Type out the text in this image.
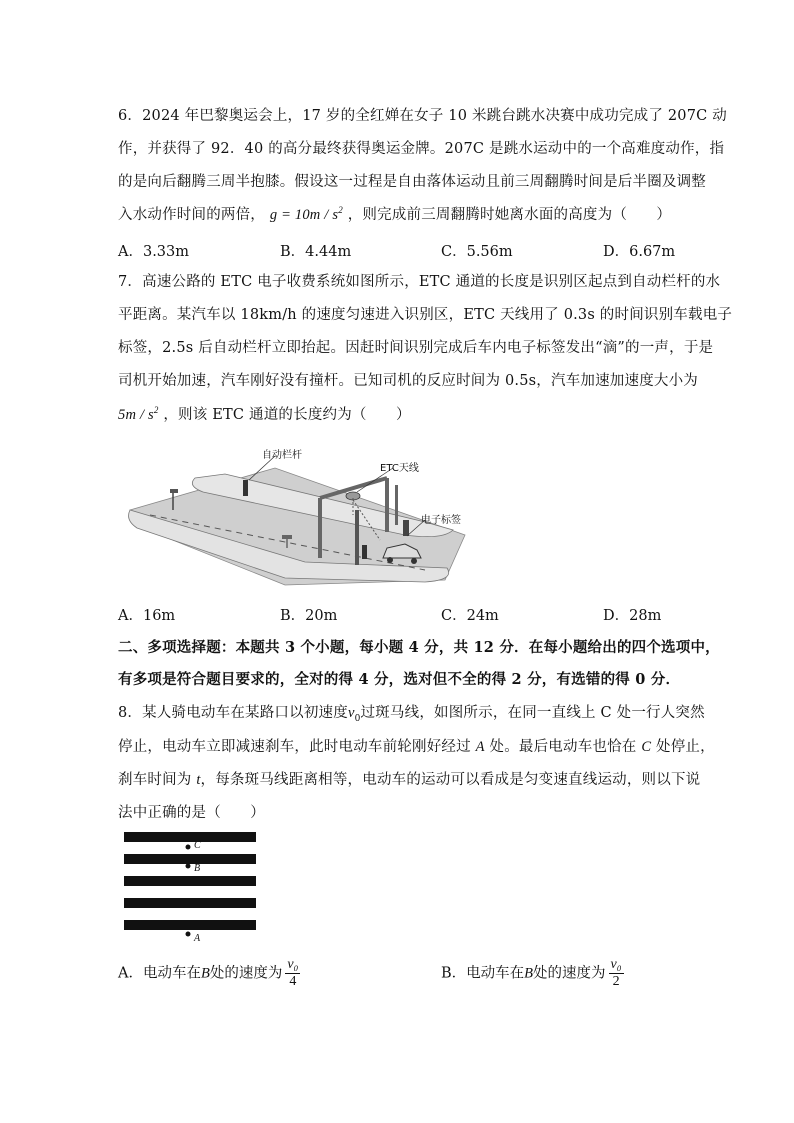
6．2024 年巴黎奥运会上，17 岁的全红婵在女子 10 米跳台跳水决赛中成功完成了 207C 动
作，并获得了 92．40 的高分最终获得奥运金牌。207C 是跳水运动中的一个高难度动作，指
的是向后翻腾三周半抱膝。假设这一过程是自由落体运动且前三周翻腾时间是后半圈及调整
入水动作时间的两倍， $g = 10m / s^2$ ，则完成前三周翻腾时她离水面的高度为（　　）
A．3.33m	B．4.44m	C．5.56m	D．6.67m
7．高速公路的 ETC 电子收费系统如图所示，ETC 通道的长度是识别区起点到自动栏杆的水
平距离。某汽车以 18km/h 的速度匀速进入识别区，ETC 天线用了 0.3s 的时间识别车载电子
标签，2.5s 后自动栏杆立即抬起。因赶时间识别完成后车内电子标签发出“滴”的一声，于是
司机开始加速，汽车刚好没有撞杆。已知司机的反应时间为 0.5s，汽车加速加速度大小为
$5m / s^2$ ，则该 ETC 通道的长度约为（　　）
自动栏杆
ETC天线
电子标签
A．16m	B．20m	C．24m	D．28m
二、多项选择题：本题共 3 个小题，每小题 4 分，共 12 分．在每小题给出的四个选项中，
有多项是符合题目要求的，全对的得 4 分，选对但不全的得 2 分，有选错的得 0 分．
8．某人骑电动车在某路口以初速度$v_0$过斑马线，如图所示，在同一直线上 C 处一行人突然
停止，电动车立即减速刹车，此时电动车前轮刚好经过 A 处。最后电动车也恰在 C 处停止，
刹车时间为 t，每条斑马线距离相等，电动车的运动可以看成是匀变速直线运动，则以下说
法中正确的是（　　）
C
B
A
A．电动车在B处的速度为 $\frac{\text{v₀}}{4}$	B．电动车在B处的速度为 $\frac{\text{v₀}}{2}$
